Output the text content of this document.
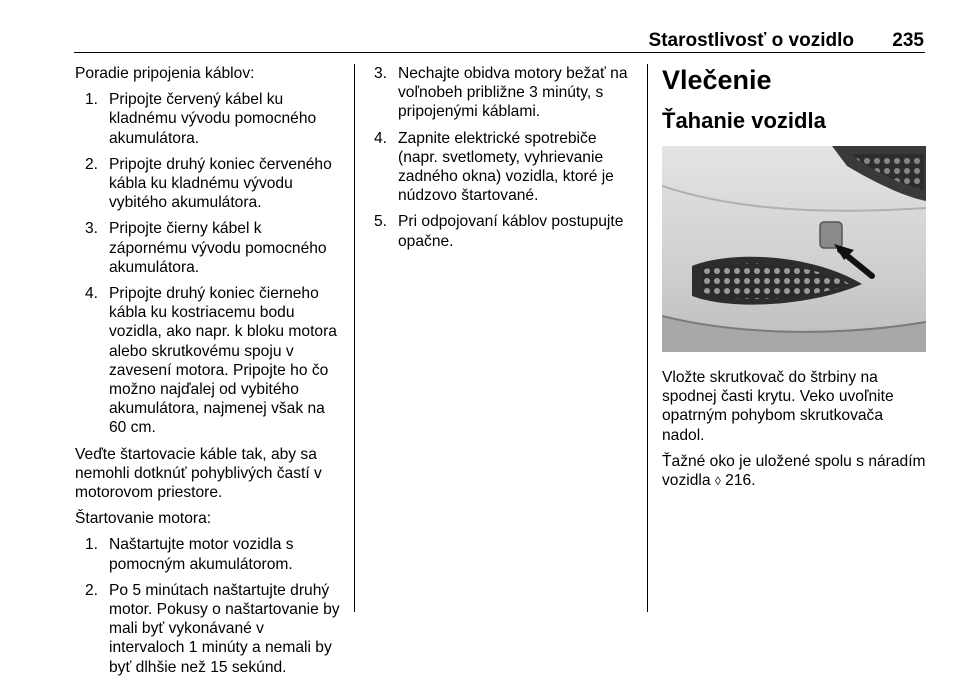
Starostlivosť o vozidlo 235

Poradie pripojenia káblov:

1. Pripojte červený kábel ku kladnému vývodu pomocného akumulátora.
2. Pripojte druhý koniec červeného kábla ku kladnému vývodu vybitého akumulátora.
3. Pripojte čierny kábel k zápornému vývodu pomocného akumulátora.
4. Pripojte druhý koniec čierneho kábla ku kostriacemu bodu vozidla, ako napr. k bloku motora alebo skrutkovému spoju v zavesení motora. Pripojte ho čo možno najďalej od vybitého akumulátora, najmenej však na 60 cm.

Veďte štartovacie káble tak, aby sa nemohli dotknúť pohyblivých častí v motorovom priestore.

Štartovanie motora:

1. Naštartujte motor vozidla s pomocným akumulátorom.
2. Po 5 minútach naštartujte druhý motor. Pokusy o naštartovanie by mali byť vykonávané v intervaloch 1 minúty a nemali by byť dlhšie než 15 sekúnd.
3. Nechajte obidva motory bežať na voľnobeh približne 3 minúty, s pripojenými káblami.
4. Zapnite elektrické spotrebiče (napr. svetlomety, vyhrievanie zadného okna) vozidla, ktoré je núdzovo štartované.
5. Pri odpojovaní káblov postupujte opačne.
Vlečenie
Ťahanie vozidla

Vložte skrutkovač do štrbiny na spodnej časti krytu. Veko uvoľnite opatrným pohybom skrutkovača nadol.

Ťažné oko je uložené spolu s náradím vozidla ◊ 216.
